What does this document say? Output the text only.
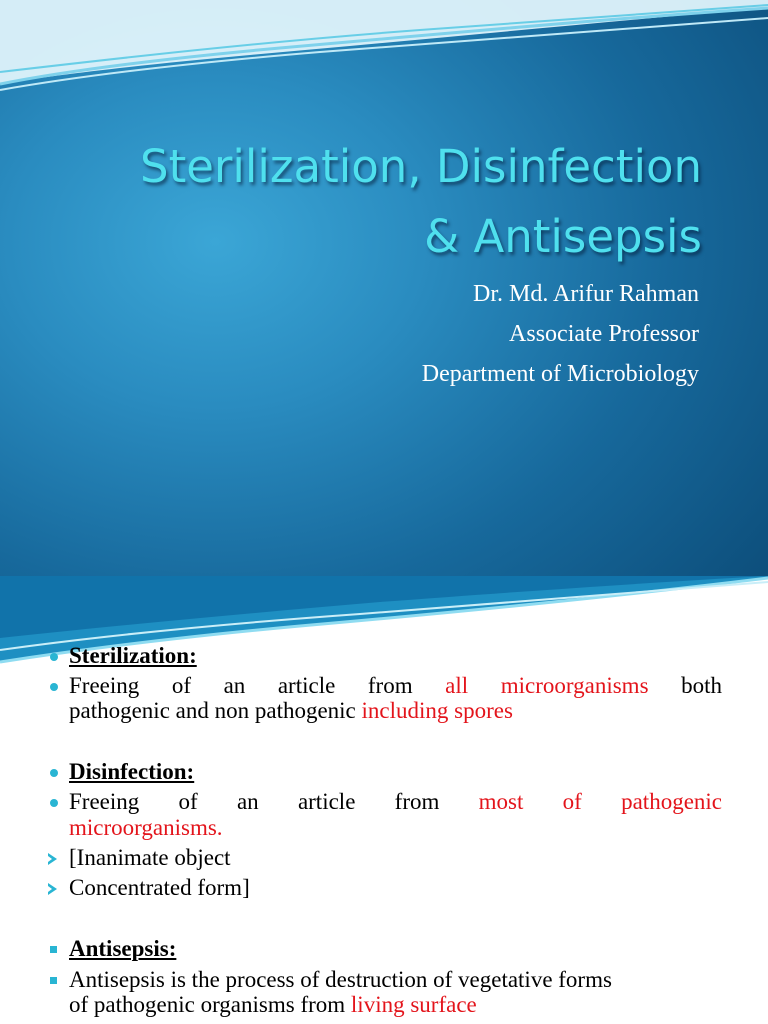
Sterilization, Disinfection
& Antisepsis
Dr. Md. Arifur Rahman
Associate Professor
Department of Microbiology
Sterilization:
Freeing of an article from all microorganisms both
pathogenic and non pathogenic including spores
Disinfection:
Freeing of an article from most of pathogenic
microorganisms.
[Inanimate object
Concentrated form]
Antisepsis:
Antisepsis is the process of destruction of vegetative forms
of pathogenic organisms from living surface
